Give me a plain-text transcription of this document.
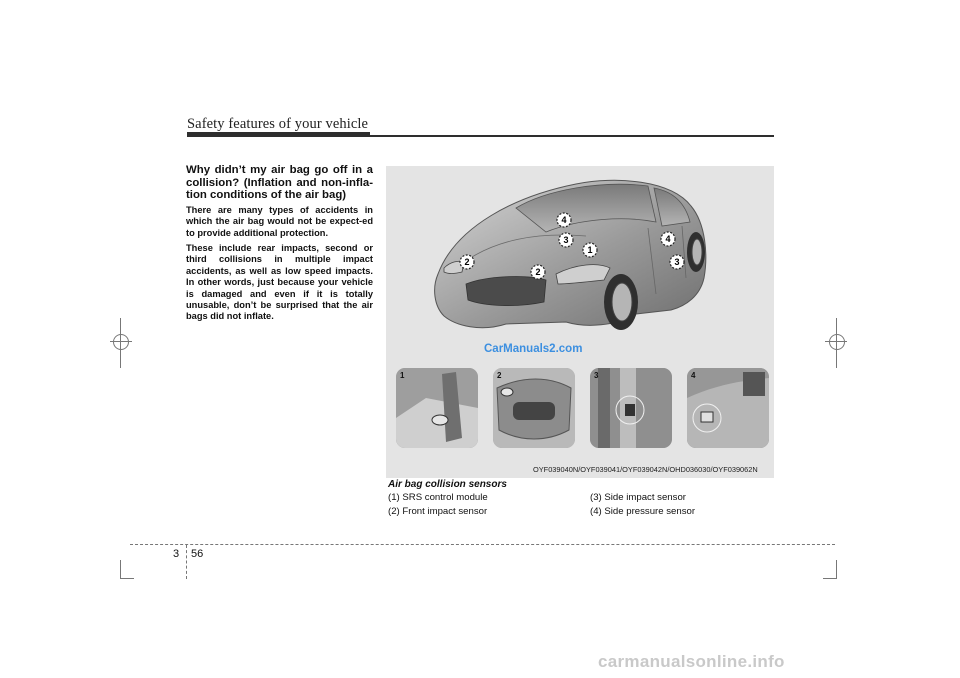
Safety features of your vehicle

Why didn’t my air bag go off in a collision? (Inflation and non-infla-tion conditions of the air bag)

There are many types of accidents in which the air bag would not be expect-ed to provide additional protection.

These include rear impacts, second or third collisions in multiple impact accidents, as well as low speed impacts. In other words, just because your vehicle is damaged and even if it is totally unusable, don’t be surprised that the air bags did not inflate.

4
3
1
4
3
2
2
CarManuals2.com
1	2	3	4
OYF039040N/OYF039041/OYF039042N/OHD036030/OYF039062N
Air bag collision sensors
(1) SRS control module
(2) Front impact sensor
(3) Side impact sensor
(4) Side pressure sensor
3 56
carmanualsonline.info
